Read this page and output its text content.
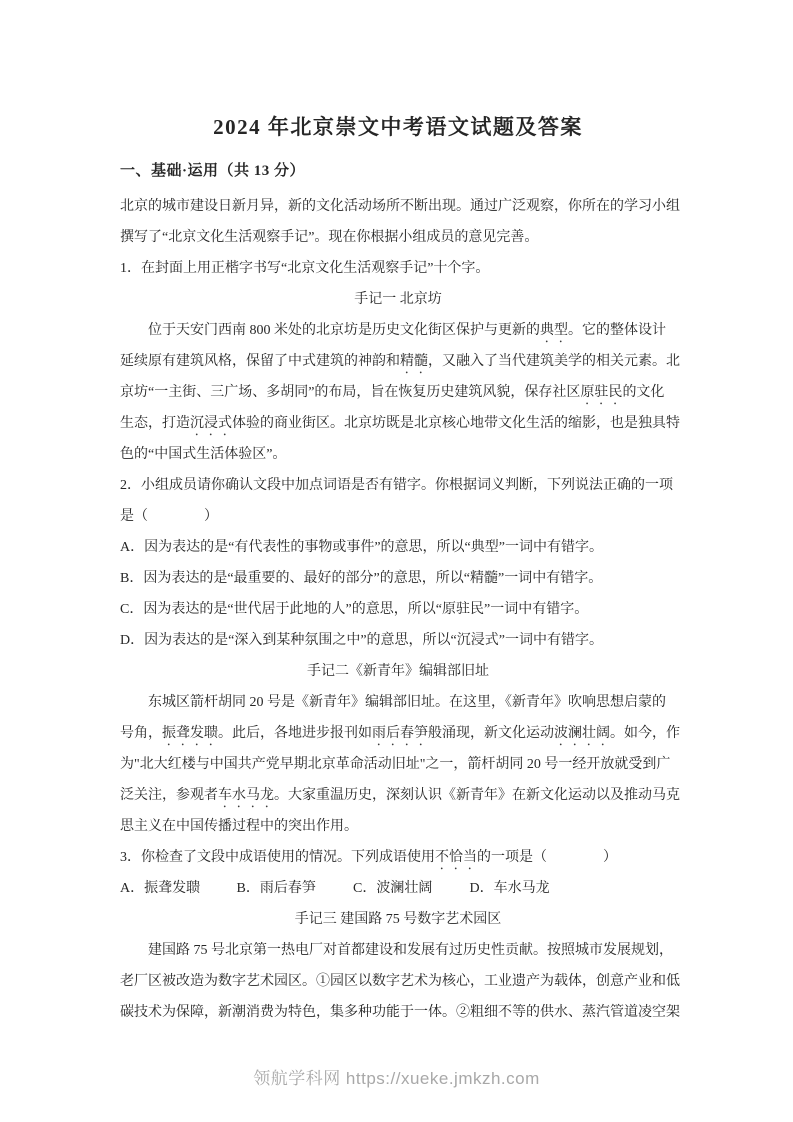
2024 年北京崇文中考语文试题及答案
一、基础·运用（共 13 分）
北京的城市建设日新月异，新的文化活动场所不断出现。通过广泛观察，你所在的学习小组
撰写了“北京文化生活观察手记”。现在你根据小组成员的意见完善。
1．在封面上用正楷字书写“北京文化生活观察手记”十个字。
手记一 北京坊
位于天安门西南 800 米处的北京坊是历史文化街区保护与更新的典型。它的整体设计
延续原有建筑风格，保留了中式建筑的神韵和精髓，又融入了当代建筑美学的相关元素。北
京坊“一主街、三广场、多胡同”的布局，旨在恢复历史建筑风貌，保存社区原驻民的文化
生态，打造沉浸式体验的商业街区。北京坊既是北京核心地带文化生活的缩影，也是独具特
色的“中国式生活体验区”。
2．小组成员请你确认文段中加点词语是否有错字。你根据词义判断，下列说法正确的一项
是（　　　　）
A．因为表达的是“有代表性的事物或事件”的意思，所以“典型”一词中有错字。
B．因为表达的是“最重要的、最好的部分”的意思，所以“精髓”一词中有错字。
C．因为表达的是“世代居于此地的人”的意思，所以“原驻民”一词中有错字。
D．因为表达的是“深入到某种氛围之中”的意思，所以“沉浸式”一词中有错字。
手记二《新青年》编辑部旧址
东城区箭杆胡同 20 号是《新青年》编辑部旧址。在这里，《新青年》吹响思想启蒙的
号角，振聋发聩。此后，各地进步报刊如雨后春笋般涌现，新文化运动波澜壮阔。如今，作
为"北大红楼与中国共产党早期北京革命活动旧址"之一，箭杆胡同 20 号一经开放就受到广
泛关注，参观者车水马龙。大家重温历史，深刻认识《新青年》在新文化运动以及推动马克
思主义在中国传播过程中的突出作用。
3．你检查了文段中成语使用的情况。下列成语使用不恰当的一项是（　　　　）
A．振聋发聩	B．雨后春笋	C．波澜壮阔	D．车水马龙
手记三 建国路 75 号数字艺术园区
建国路 75 号北京第一热电厂对首都建设和发展有过历史性贡献。按照城市发展规划，
老厂区被改造为数字艺术园区。①园区以数字艺术为核心，工业遗产为载体，创意产业和低
碳技术为保障，新潮消费为特色，集多种功能于一体。②粗细不等的供水、蒸汽管道凌空架
领航学科网 https://xueke.jmkzh.com
